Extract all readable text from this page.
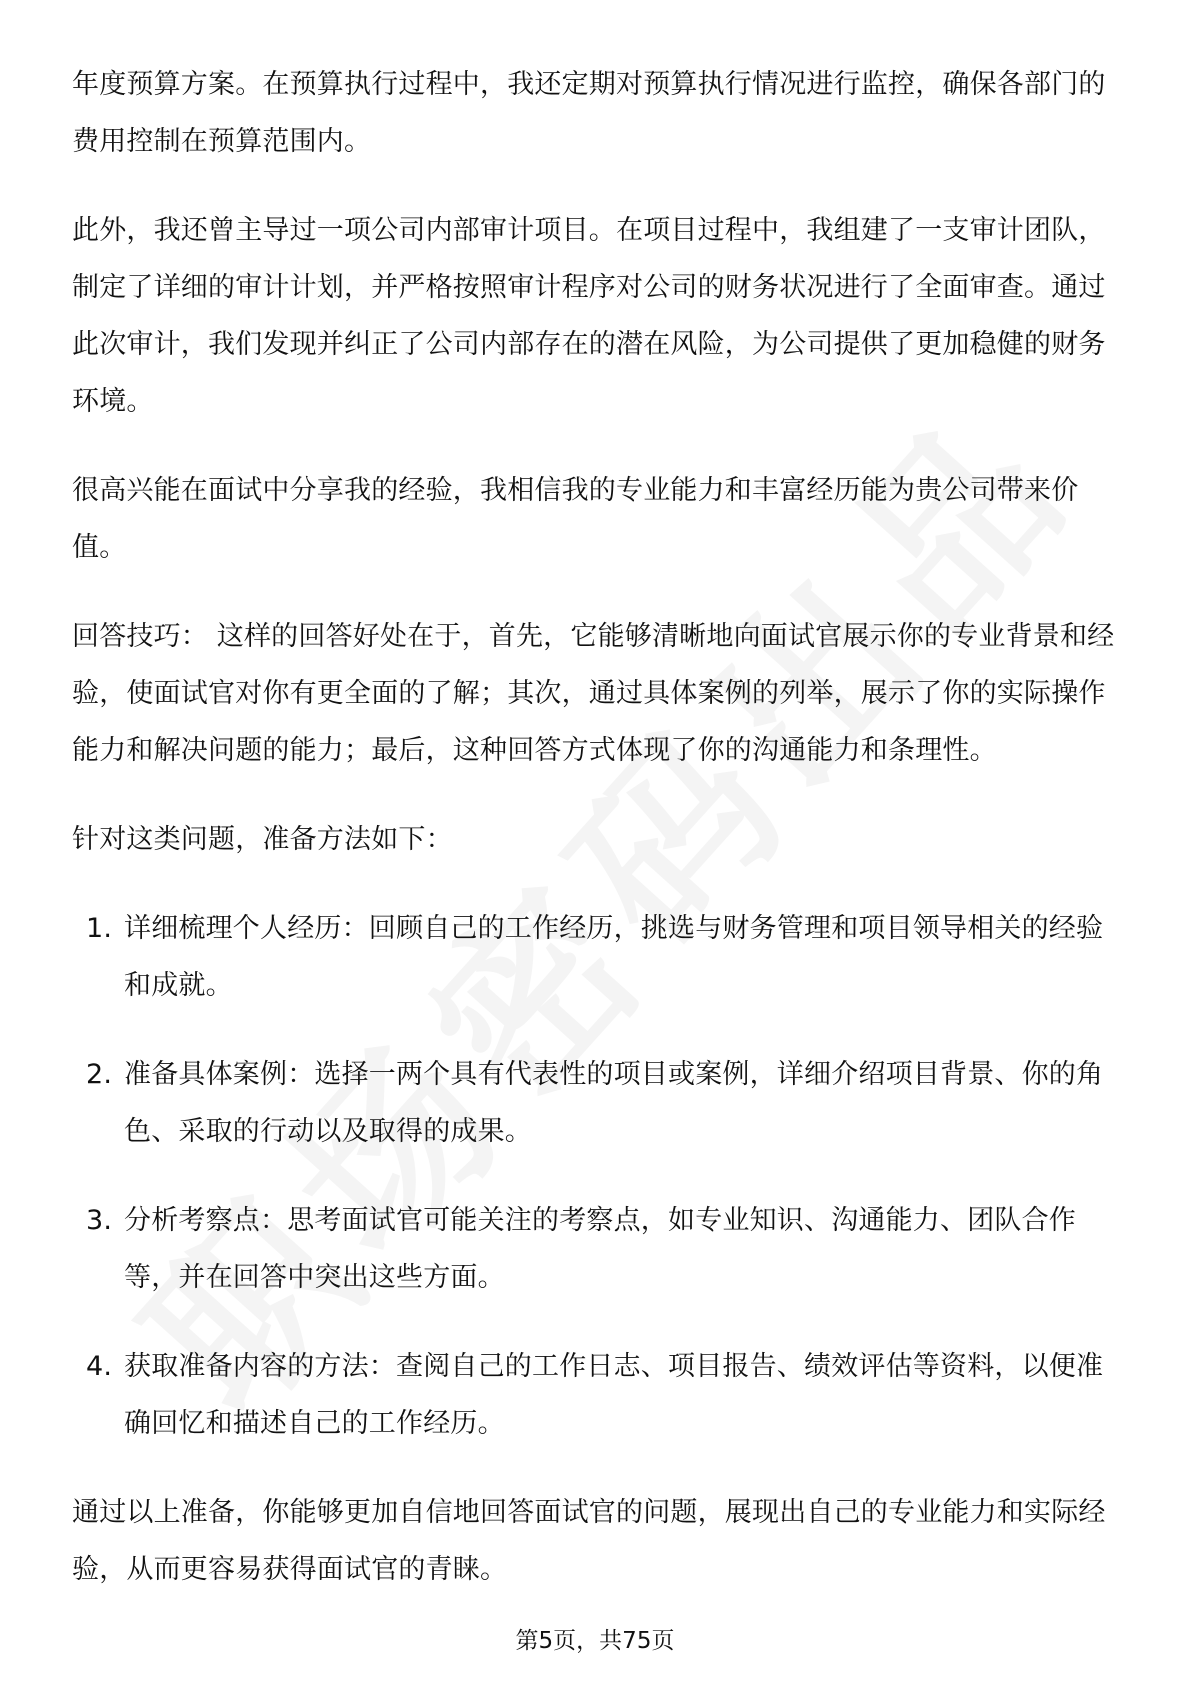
年度预算方案。在预算执行过程中，我还定期对预算执行情况进行监控，确保各部门的费用控制在预算范围内。

此外，我还曾主导过一项公司内部审计项目。在项目过程中，我组建了一支审计团队，制定了详细的审计计划，并严格按照审计程序对公司的财务状况进行了全面审查。通过此次审计，我们发现并纠正了公司内部存在的潜在风险，为公司提供了更加稳健的财务环境。

很高兴能在面试中分享我的经验，我相信我的专业能力和丰富经历能为贵公司带来价值。

回答技巧： 这样的回答好处在于，首先，它能够清晰地向面试官展示你的专业背景和经验，使面试官对你有更全面的了解；其次，通过具体案例的列举，展示了你的实际操作能力和解决问题的能力；最后，这种回答方式体现了你的沟通能力和条理性。

针对这类问题，准备方法如下：

1. 详细梳理个人经历：回顾自己的工作经历，挑选与财务管理和项目领导相关的经验和成就。
2. 准备具体案例：选择一两个具有代表性的项目或案例，详细介绍项目背景、你的角色、采取的行动以及取得的成果。
3. 分析考察点：思考面试官可能关注的考察点，如专业知识、沟通能力、团队合作等，并在回答中突出这些方面。
4. 获取准备内容的方法：查阅自己的工作日志、项目报告、绩效评估等资料，以便准确回忆和描述自己的工作经历。

通过以上准备，你能够更加自信地回答面试官的问题，展现出自己的专业能力和实际经验，从而更容易获得面试官的青睐。

第5页，共75页
